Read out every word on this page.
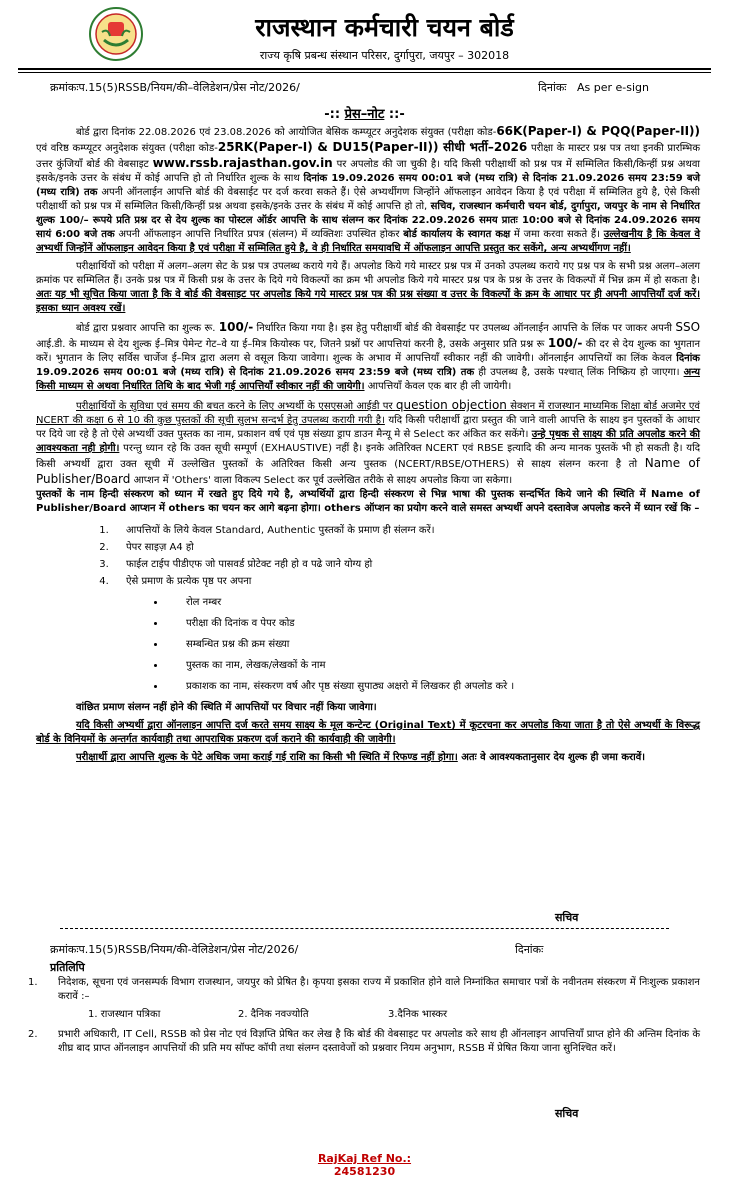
राजस्थान कर्मचारी चयन बोर्ड
राज्य कृषि प्रबन्ध संस्थान परिसर, दुर्गापुरा, जयपुर – 302018
क्रमांकःप.15(5)RSSB/नियम/की–वेलिडेशन/प्रेस नोट/2026/	दिनांकः As per e-sign
-:: प्रेस–नोट ::-

बोर्ड द्वारा दिनांक 22.08.2026 एवं 23.08.2026 को आयोजित बेसिक कम्प्यूटर अनुदेशक संयुक्त (परीक्षा कोड-66K(Paper-I) & PQQ(Paper-II)) एवं वरिष्ठ कम्प्यूटर अनुदेशक संयुक्त (परीक्षा कोड-25RK(Paper-I) & DU15(Paper-II)) सीधी भर्ती–2026 परीक्षा के मास्टर प्रश्न पत्र तथा इनकी प्रारम्भिक उत्तर कुंजियाँ बोर्ड की वेबसाइट www.rssb.rajasthan.gov.in पर अपलोड की जा चुकी है। यदि किसी परीक्षार्थी को प्रश्न पत्र में सम्मिलित किसी/किन्हीं प्रश्न अथवा इसके/इनके उत्तर के संबंध में कोई आपत्ति हो तो निर्धारित शुल्क के साथ दिनांक 19.09.2026 समय 00:01 बजे (मध्य रात्रि) से दिनांक 21.09.2026 समय 23:59 बजे (मध्य रात्रि) तक अपनी ऑनलाईन आपत्ति बोर्ड की वेबसाईट पर दर्ज करवा सकते हैं। ऐसे अभ्यर्थीगण जिन्होंने ऑफलाइन आवेदन किया है एवं परीक्षा में सम्मिलित हुये है, ऐसे किसी परीक्षार्थी को प्रश्न पत्र में सम्मिलित किसी/किन्हीं प्रश्न अथवा इसके/इनके उत्तर के संबंध में कोई आपत्ति हो तो, सचिव, राजस्थान कर्मचारी चयन बोर्ड, दुर्गापुरा, जयपुर के नाम से निर्धारित शुल्क 100/– रूपये प्रति प्रश्न दर से देय शुल्क का पोस्टल ऑर्डर आपत्ति के साथ संलग्न कर दिनांक 22.09.2026 समय प्रातः 10:00 बजे से दिनांक 24.09.2026 समय सायं 6:00 बजे तक अपनी ऑफलाइन आपत्ति निर्धारित प्रपत्र (संलग्न) में व्यक्तिशः उपस्थित होकर बोर्ड कार्यालय के स्वागत कक्ष में जमा करवा सकते हैं। उल्लेखनीय है कि केवल वे अभ्यर्थी जिन्होंनें ऑफलाइन आवेदन किया है एवं परीक्षा में सम्मिलित हुये है, वे ही निर्धारित समयावधि में ऑफलाइन आपत्ति प्रस्तुत कर सकेंगे, अन्य अभ्यर्थीगण नहीं।

परीक्षार्थियों को परीक्षा में अलग–अलग सेट के प्रश्न पत्र उपलब्ध कराये गये हैं। अपलोड किये गये मास्टर प्रश्न पत्र में उनको उपलब्ध कराये गए प्रश्न पत्र के सभी प्रश्न अलग–अलग क्रमांक पर सम्मिलित हैं। उनके प्रश्न पत्र में किसी प्रश्न के उत्तर के दिये गये विकल्पों का क्रम भी अपलोड किये गये मास्टर प्रश्न पत्र के प्रश्न के उत्तर के विकल्पों में भिन्न क्रम में हो सकता है। अतः यह भी सूचित किया जाता है कि वे बोर्ड की वेबसाइट पर अपलोड किये गये मास्टर प्रश्न पत्र की प्रश्न संख्या व उत्तर के विकल्पों के क्रम के आधार पर ही अपनी आपत्तियाँ दर्ज करें। इसका ध्यान अवश्य रखें।

बोर्ड द्वारा प्रश्नवार आपत्ति का शुल्क रू. 100/- निर्धारित किया गया है। इस हेतु परीक्षार्थी बोर्ड की वेबसाईट पर उपलब्ध ऑनलाईन आपत्ति के लिंक पर जाकर अपनी SSO आई.डी. के माध्यम से देय शुल्क ई–मित्र पेमेन्ट गेट–वे या ई–मित्र कियोस्क पर, जितने प्रश्नों पर आपत्तियां करनी है, उसके अनुसार प्रति प्रश्न रू 100/- की दर से देय शुल्क का भुगतान करें। भुगतान के लिए सर्विस चार्जेज ई–मित्र द्वारा अलग से वसूल किया जावेगा। शुल्क के अभाव में आपत्तियाँ स्वीकार नहीं की जावेगी। ऑनलाईन आपत्तियों का लिंक केवल दिनांक 19.09.2026 समय 00:01 बजे (मध्य रात्रि) से दिनांक 21.09.2026 समय 23:59 बजे (मध्य रात्रि) तक ही उपलब्ध है, उसके पश्चात् लिंक निष्क्रिय हो जाएगा। अन्य किसी माध्यम से अथवा निर्धारित तिथि के बाद भेजी गई आपत्तियाँ स्वीकार नहीं की जायेगी। आपत्तियाँ केवल एक बार ही ली जायेगी।

परीक्षार्थियों के सुविधा एवं समय की बचत करने के लिए अभ्यर्थी के एसएसओ आईडी पर question objection सेक्शन में राजस्थान माध्यमिक शिक्षा बोर्ड अजमेर एवं NCERT की कक्षा 6 से 10 की कुछ पुस्तकों की सूची सुलभ सन्दर्भ हेतु उपलब्ध करायी गयी है। यदि किसी परीक्षार्थी द्वारा प्रस्तुत की जाने वाली आपत्ति के साक्ष्य इन पुस्तकों के आधार पर दिये जा रहे है तो ऐसे अभ्यर्थी उक्त पुस्तक का नाम, प्रकाशन वर्ष एवं पृष्ठ संख्या ड्राप डाउन मैन्यू मे से Select कर अंकित कर सकेंगे। उन्हे पृथक से साक्ष्य की प्रति अपलोड करने की आवश्यकता नही होगी। परन्तु ध्यान रहे कि उक्त सूची सम्पूर्ण (EXHAUSTIVE) नहीं है। इनके अतिरिक्त NCERT एवं RBSE इत्यादि की अन्य मानक पुस्तकें भी हो सकती है। यदि किसी अभ्यर्थी द्वारा उक्त सूची में उल्लेखित पुस्तकों के अतिरिक्त किसी अन्य पुस्तक (NCERT/RBSE/OTHERS) से साक्ष्य संलग्न करना है तो Name of Publisher/Board आप्शन में 'Others' वाला विकल्प Select कर पूर्व उल्लेखित तरीके से साक्ष्य अपलोड किया जा सकेगा।
पुस्तकों के नाम हिन्दी संस्करण को ध्यान में रखते हुए दिये गये है, अभ्यर्थियों द्वारा हिन्दी संस्करण से भिन्न भाषा की पुस्तक सन्दर्भित किये जाने की स्थिति में Name of Publisher/Board आप्शन में others का चयन कर आगे बढ़ना होगा। others ऑप्शन का प्रयोग करने वाले समस्त अभ्यर्थी अपने दस्तावेज अपलोड करने में ध्यान रखें कि –

1. आपत्तियों के लिये केवल Standard, Authentic पुस्तकों के प्रमाण ही संलग्न करें।
2. पेपर साइज़ A4 हो
3. फाईल टाईप पीडीएफ जो पासवर्ड प्रोटेक्ट नही हो व पढे जाने योग्य हो
4. ऐसे प्रमाण के प्रत्येक पृष्ठ पर अपना
• रोल नम्बर
• परीक्षा की दिनांक व पेपर कोड
• सम्बन्धित प्रश्न की क्रम संख्या
• पुस्तक का नाम, लेखक/लेखकों के नाम
• प्रकाशक का नाम, संस्करण वर्ष और पृष्ठ संख्या सुपाठ्य अक्षरो में लिखकर ही अपलोड करे ।

वांछित प्रमाण संलग्न नहीं होने की स्थिति में आपत्तियों पर विचार नहीं किया जावेगा।

यदि किसी अभ्यर्थी द्वारा ऑनलाइन आपत्ति दर्ज करते समय साक्ष्य के मूल कन्टेन्ट (Original Text) में कूटरचना कर अपलोड किया जाता है तो ऐसे अभ्यर्थी के विरूद्ध बोर्ड के विनियमों के अन्तर्गत कार्यवाही तथा आपराधिक प्रकरण दर्ज कराने की कार्यवाही की जावेगी।

परीक्षार्थी द्वारा आपत्ति शुल्क के पेटे अधिक जमा कराई गई राशि का किसी भी स्थिति में रिफण्ड नहीं होगा। अतः वे आवश्यकतानुसार देय शुल्क ही जमा करावें।

सचिव
क्रमांकःप.15(5)RSSB/नियम/की-वेलिडेशन/प्रेस नोट/2026/	दिनांकः
प्रतिलिपि
1. निदेशक, सूचना एवं जनसम्पर्क विभाग राजस्थान, जयपुर को प्रेषित है। कृपया इसका राज्य में प्रकाशित होने वाले निम्नांकित समाचार पत्रों के नवीनतम संस्करण में निःशुल्क प्रकाशन करावें :–
1. राजस्थान पत्रिका	2. दैनिक नवज्योति	3.दैनिक भास्कर
2. प्रभारी अधिकारी, IT Cell, RSSB को प्रेस नोट एवं विज्ञप्ति प्रेषित कर लेख है कि बोर्ड की वेबसाइट पर अपलोड करे साथ ही ऑनलाइन आपत्तियाँ प्राप्त होने की अन्तिम दिनांक के शीघ्र बाद प्राप्त ऑनलाइन आपत्तियों की प्रति मय सॉफ्ट कॉपी तथा संलग्न दस्तावेजों को प्रश्नवार नियम अनुभाग, RSSB में प्रेषित किया जाना सुनिश्चित करें।
सचिव
RajKaj Ref No.:
24581230
